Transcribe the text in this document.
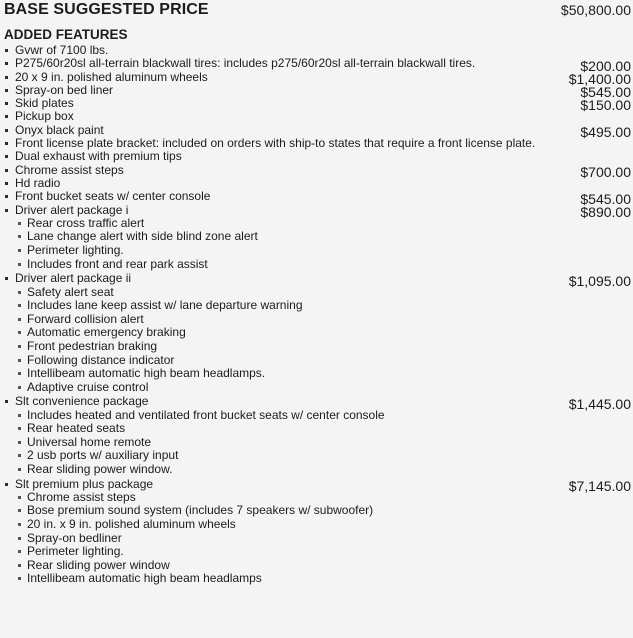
BASE SUGGESTED PRICE	$50,800.00
ADDED FEATURES
Gvwr of 7100 lbs.
P275/60r20sl all-terrain blackwall tires: includes p275/60r20sl all-terrain blackwall tires.	$200.00
20 x 9 in. polished aluminum wheels	$1,400.00
Spray-on bed liner	$545.00
Skid plates	$150.00
Pickup box
Onyx black paint	$495.00
Front license plate bracket: included on orders with ship-to states that require a front license plate.
Dual exhaust with premium tips
Chrome assist steps	$700.00
Hd radio
Front bucket seats w/ center console	$545.00
Driver alert package i	$890.00
Rear cross traffic alert
Lane change alert with side blind zone alert
Perimeter lighting.
Includes front and rear park assist
Driver alert package ii	$1,095.00
Safety alert seat
Includes lane keep assist w/ lane departure warning
Forward collision alert
Automatic emergency braking
Front pedestrian braking
Following distance indicator
Intellibeam automatic high beam headlamps.
Adaptive cruise control
Slt convenience package	$1,445.00
Includes heated and ventilated front bucket seats w/ center console
Rear heated seats
Universal home remote
2 usb ports w/ auxiliary input
Rear sliding power window.
Slt premium plus package	$7,145.00
Chrome assist steps
Bose premium sound system (includes 7 speakers w/ subwoofer)
20 in. x 9 in. polished aluminum wheels
Spray-on bedliner
Perimeter lighting.
Rear sliding power window
Intellibeam automatic high beam headlamps
